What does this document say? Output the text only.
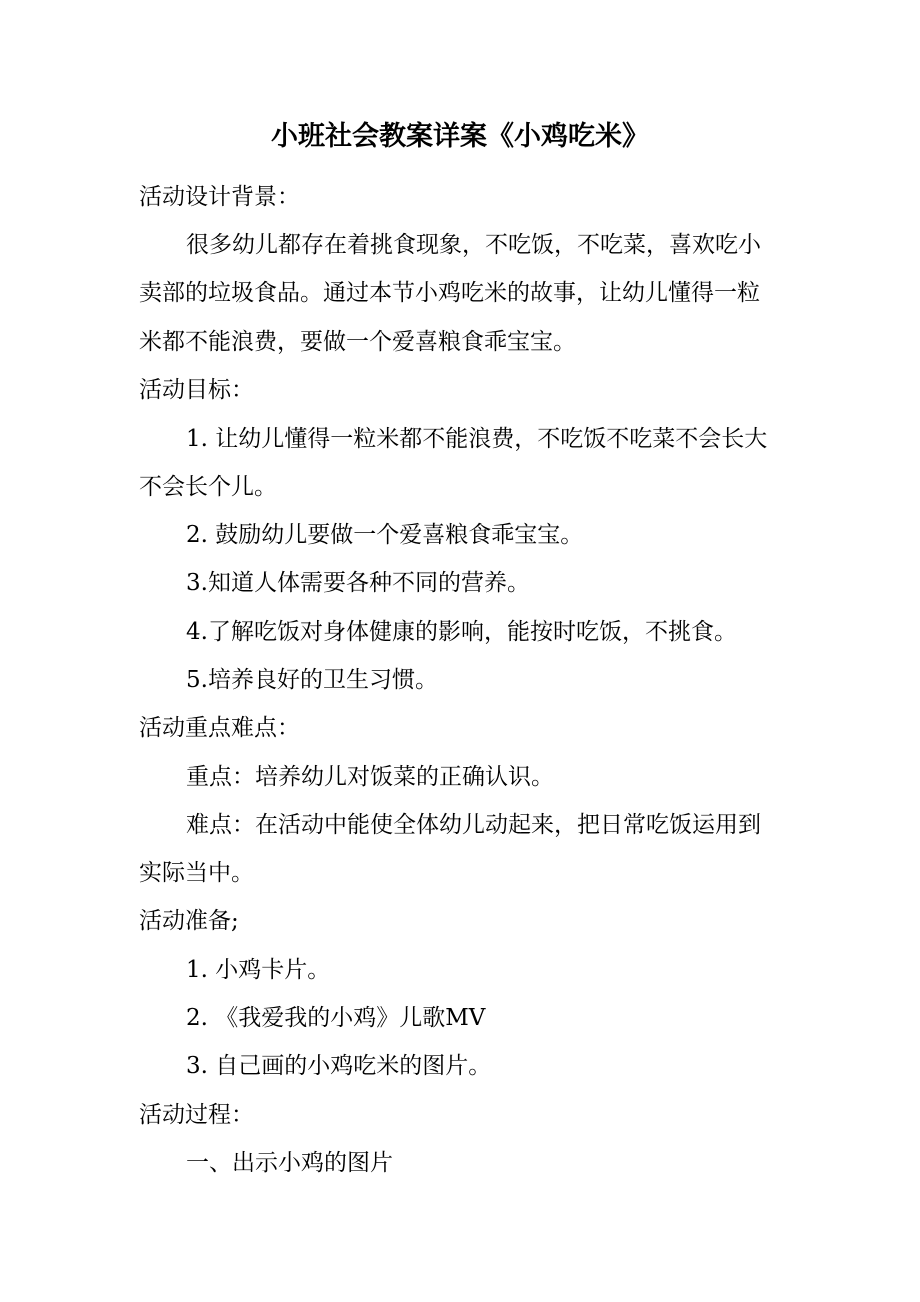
小班社会教案详案《小鸡吃米》
活动设计背景：
很多幼儿都存在着挑食现象，不吃饭，不吃菜，喜欢吃小
卖部的垃圾食品。通过本节小鸡吃米的故事，让幼儿懂得一粒
米都不能浪费，要做一个爱喜粮食乖宝宝。
活动目标：
1. 让幼儿懂得一粒米都不能浪费，不吃饭不吃菜不会长大
不会长个儿。
2. 鼓励幼儿要做一个爱喜粮食乖宝宝。
3.知道人体需要各种不同的营养。
4.了解吃饭对身体健康的影响，能按时吃饭，不挑食。
5.培养良好的卫生习惯。
活动重点难点：
重点：培养幼儿对饭菜的正确认识。
难点：在活动中能使全体幼儿动起来，把日常吃饭运用到
实际当中。
活动准备;
1. 小鸡卡片。
2. 《我爱我的小鸡》儿歌MV
3. 自己画的小鸡吃米的图片。
活动过程：
一、出示小鸡的图片
